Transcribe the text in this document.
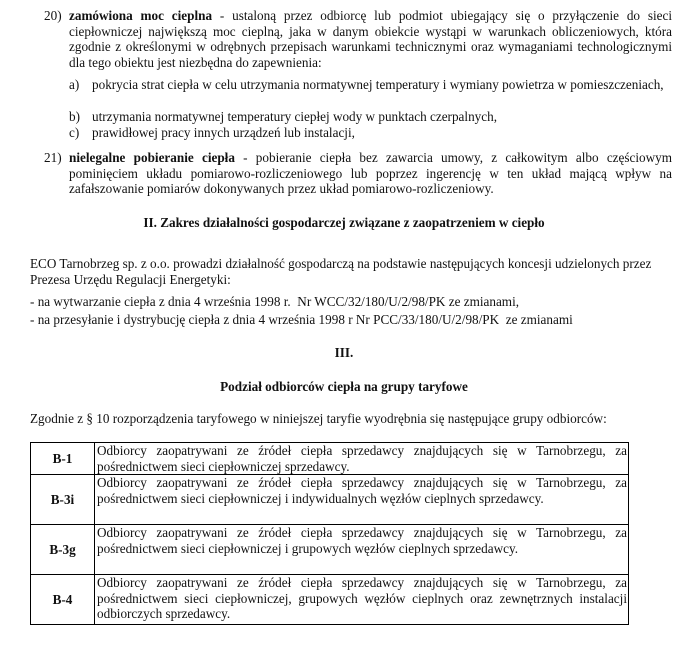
20) zamówiona moc cieplna - ustaloną przez odbiorcę lub podmiot ubiegający się o przyłączenie do sieci ciepłowniczej największą moc cieplną, jaka w danym obiekcie wystąpi w warunkach obliczeniowych, która zgodnie z określonymi w odrębnych przepisach warunkami technicznymi oraz wymaganiami technologicznymi dla tego obiektu jest niezbędna do zapewnienia:
a) pokrycia strat ciepła w celu utrzymania normatywnej temperatury i wymiany powietrza w pomieszczeniach,
b) utrzymania normatywnej temperatury ciepłej wody w punktach czerpalnych,
c) prawidłowej pracy innych urządzeń lub instalacji,
21) nielegalne pobieranie ciepła - pobieranie ciepła bez zawarcia umowy, z całkowitym albo częściowym pominięciem układu pomiarowo-rozliczeniowego lub poprzez ingerencję w ten układ mającą wpływ na zafałszowanie pomiarów dokonywanych przez układ pomiarowo-rozliczeniowy.
II. Zakres działalności gospodarczej związane z zaopatrzeniem w ciepło
ECO Tarnobrzeg sp. z o.o. prowadzi działalność gospodarczą na podstawie następujących koncesji udzielonych przez Prezesa Urzędu Regulacji Energetyki:
- na wytwarzanie ciepła z dnia 4 września 1998 r.  Nr WCC/32/180/U/2/98/PK ze zmianami,
- na przesyłanie i dystrybucję ciepła z dnia 4 września 1998 r Nr PCC/33/180/U/2/98/PK  ze zmianami
III.
Podział odbiorców ciepła na grupy taryfowe
Zgodnie z § 10 rozporządzenia taryfowego w niniejszej taryfie wyodrębnia się następujące grupy odbiorców:
B-1	Odbiorcy zaopatrywani ze źródeł ciepła sprzedawcy znajdujących się w Tarnobrzegu, za pośrednictwem sieci ciepłowniczej sprzedawcy.
B-3i	Odbiorcy zaopatrywani ze źródeł ciepła sprzedawcy znajdujących się w Tarnobrzegu, za pośrednictwem sieci ciepłowniczej i indywidualnych węzłów cieplnych sprzedawcy.
B-3g	Odbiorcy zaopatrywani ze źródeł ciepła sprzedawcy znajdujących się w Tarnobrzegu, za pośrednictwem sieci ciepłowniczej i grupowych węzłów cieplnych sprzedawcy.
B-4	Odbiorcy zaopatrywani ze źródeł ciepła sprzedawcy znajdujących się w Tarnobrzegu, za pośrednictwem sieci ciepłowniczej, grupowych węzłów cieplnych oraz zewnętrznych instalacji odbiorczych sprzedawcy.
